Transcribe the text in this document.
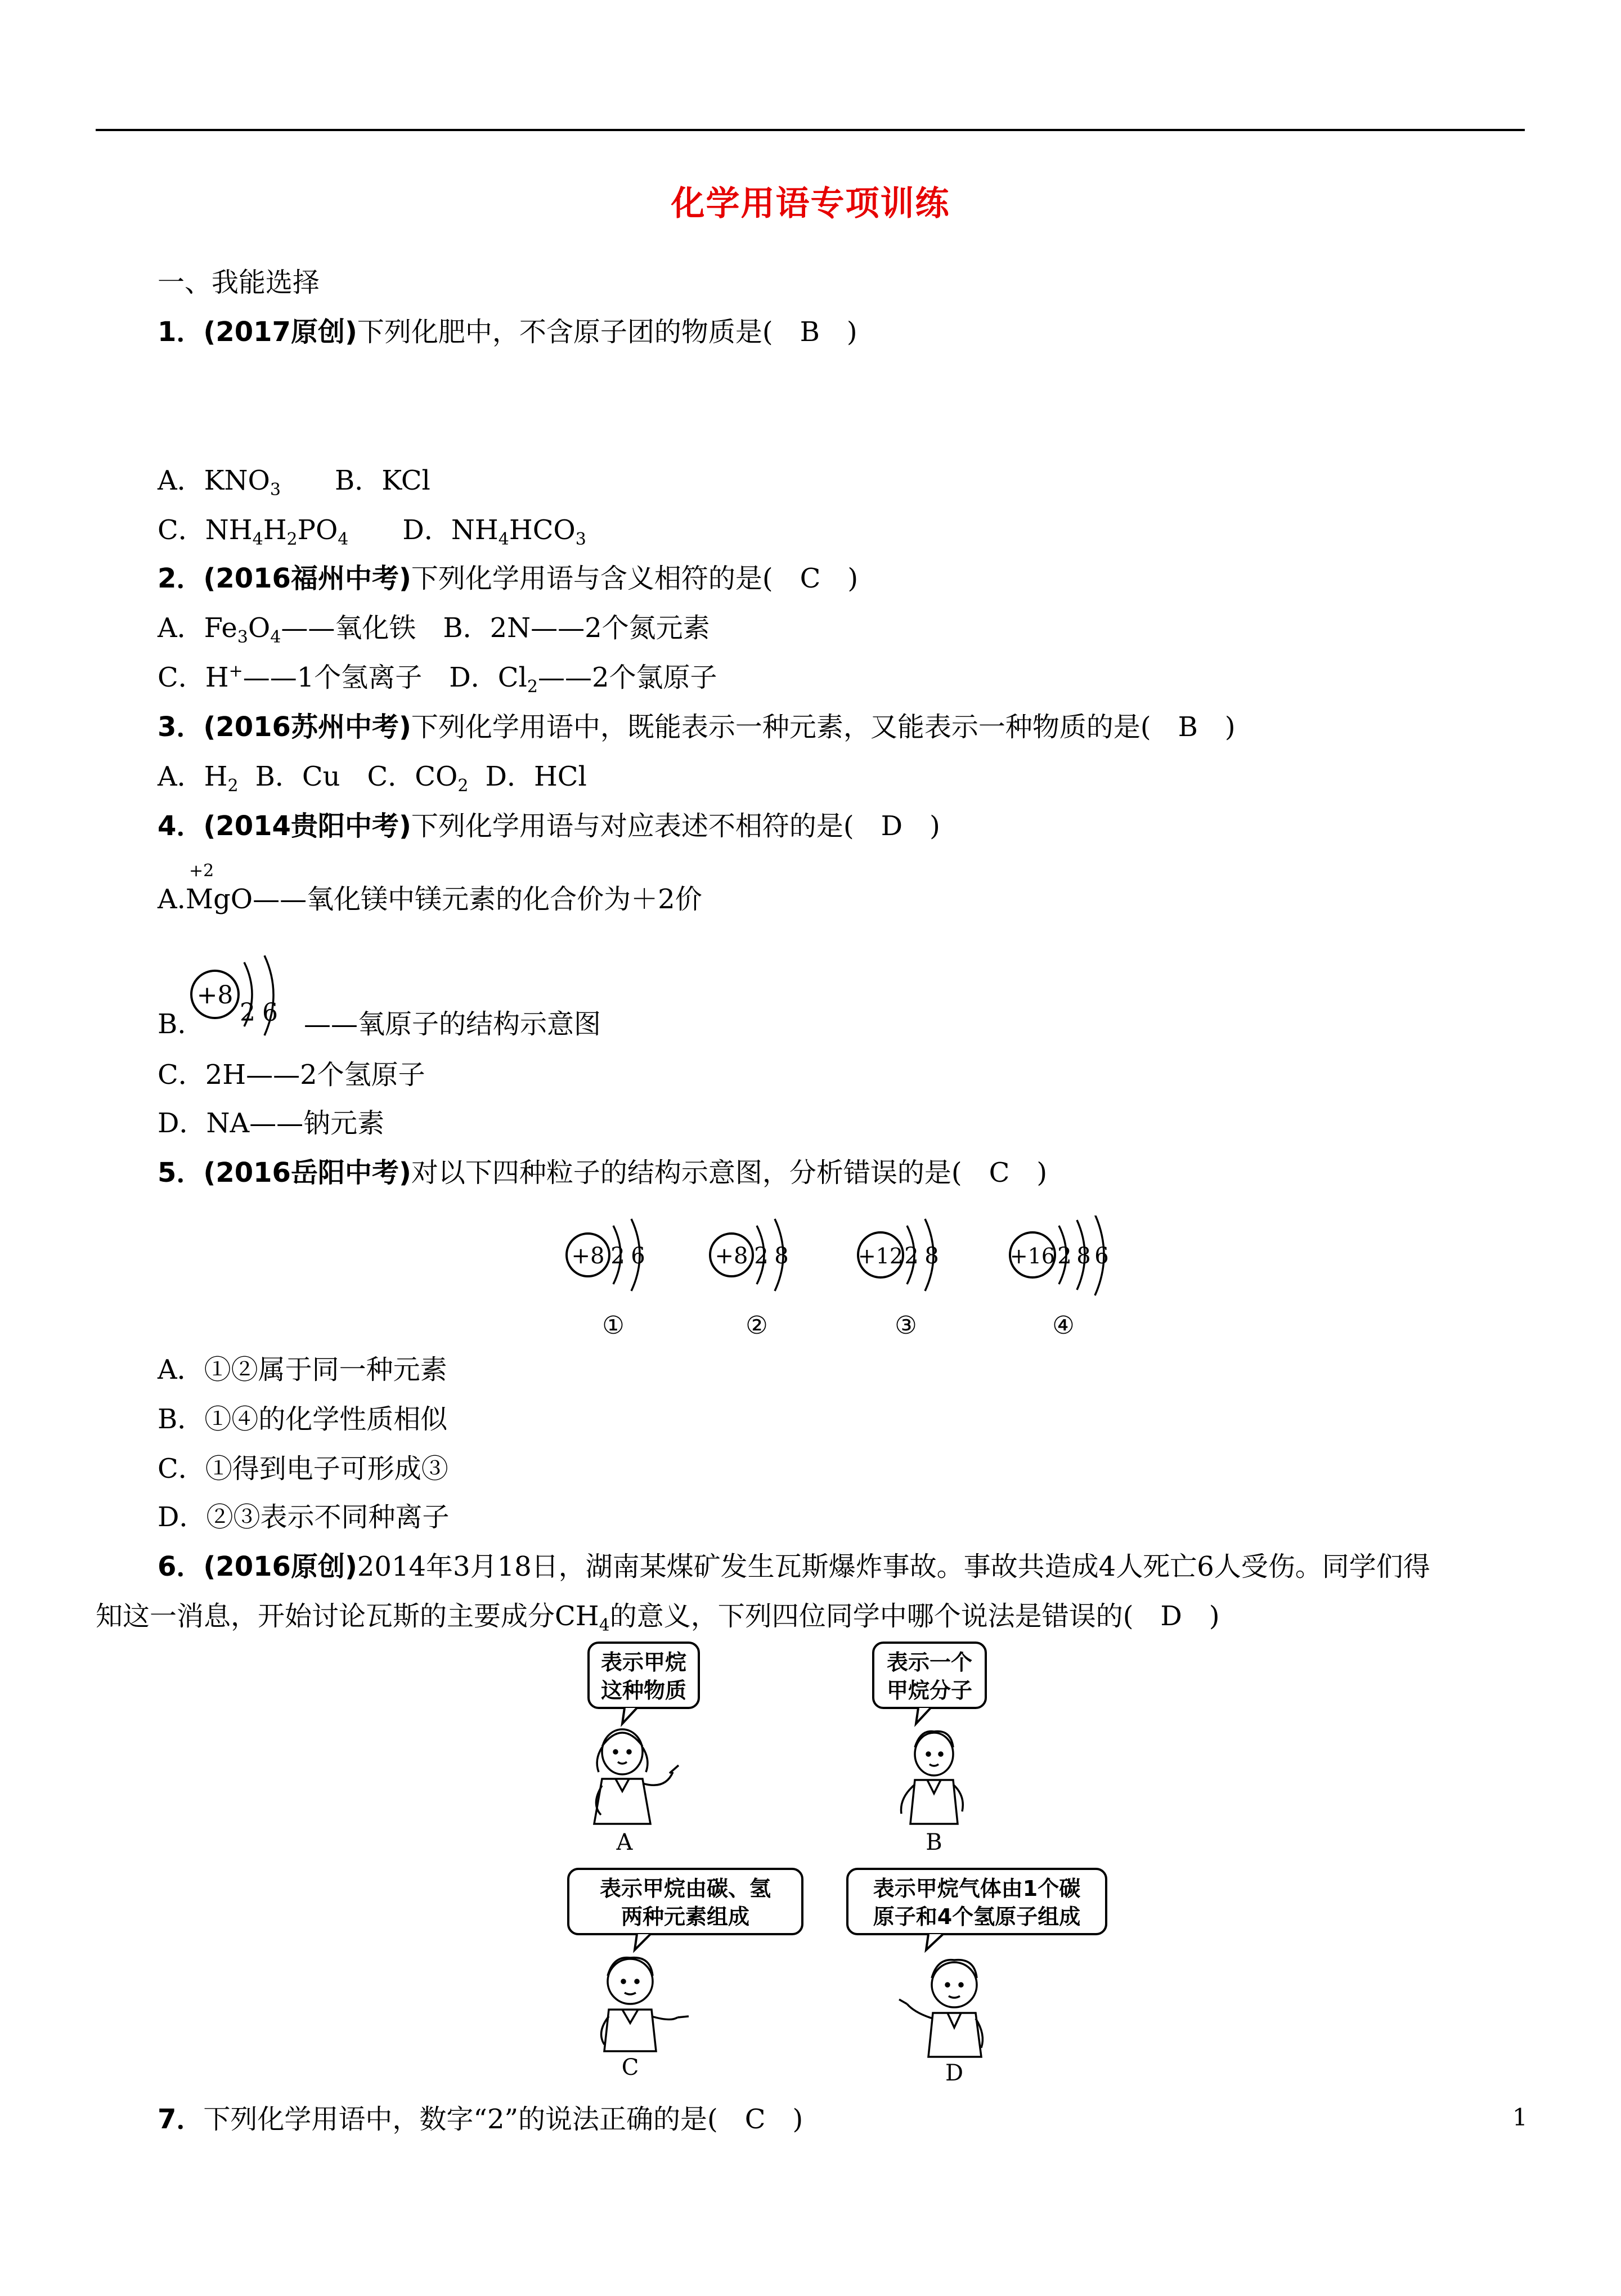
化学用语专项训练
一、我能选择
1．(2017原创)下列化肥中，不含原子团的物质是(　B　)
A．$KNO_3$ B．KCl
C．$NH_4H_2PO_4$ D．$NH_4HCO_3$
2．(2016福州中考)下列化学用语与含义相符的是(　C　)
A．$Fe_3O_4——$氧化铁 B．2N——2个氮元素
C．H+——1个氢离子 D．$Cl_2——2$个氯原子
3．(2016苏州中考)下列化学用语中，既能表示一种元素，又能表示一种物质的是(　B　)
A．$H_2$ B．Cu　C．$CO_2$ D．HCl
4．(2014贵阳中考)下列化学用语与对应表述不相符的是(　D　)
+2
A.MgO——氧化镁中镁元素的化合价为＋2价
B.
+8
2 6 ——氧原子的结构示意图
C．2H——2个氢原子
D．NA——钠元素
5．(2016岳阳中考)对以下四种粒子的结构示意图，分析错误的是(　C　)
+8 2 6
①
+8 2 8
②
+12 2 8
③
+16 2 8 6
④
A．①②属于同一种元素
B．①④的化学性质相似
C．①得到电子可形成③
D．②③表示不同种离子
6．(2016原创)2014年3月18日，湖南某煤矿发生瓦斯爆炸事故。事故共造成4人死亡6人受伤。同学们得
知这一消息，开始讨论瓦斯的主要成分$CH_4$的意义，下列四位同学中哪个说法是错误的(　D　)
表示甲烷
这种物质
A
表示一个
甲烷分子
B
表示甲烷由碳、氢
两种元素组成
C
表示甲烷气体由1个碳
原子和4个氢原子组成
D
7．下列化学用语中，数字“2”的说法正确的是(　C　)	1
